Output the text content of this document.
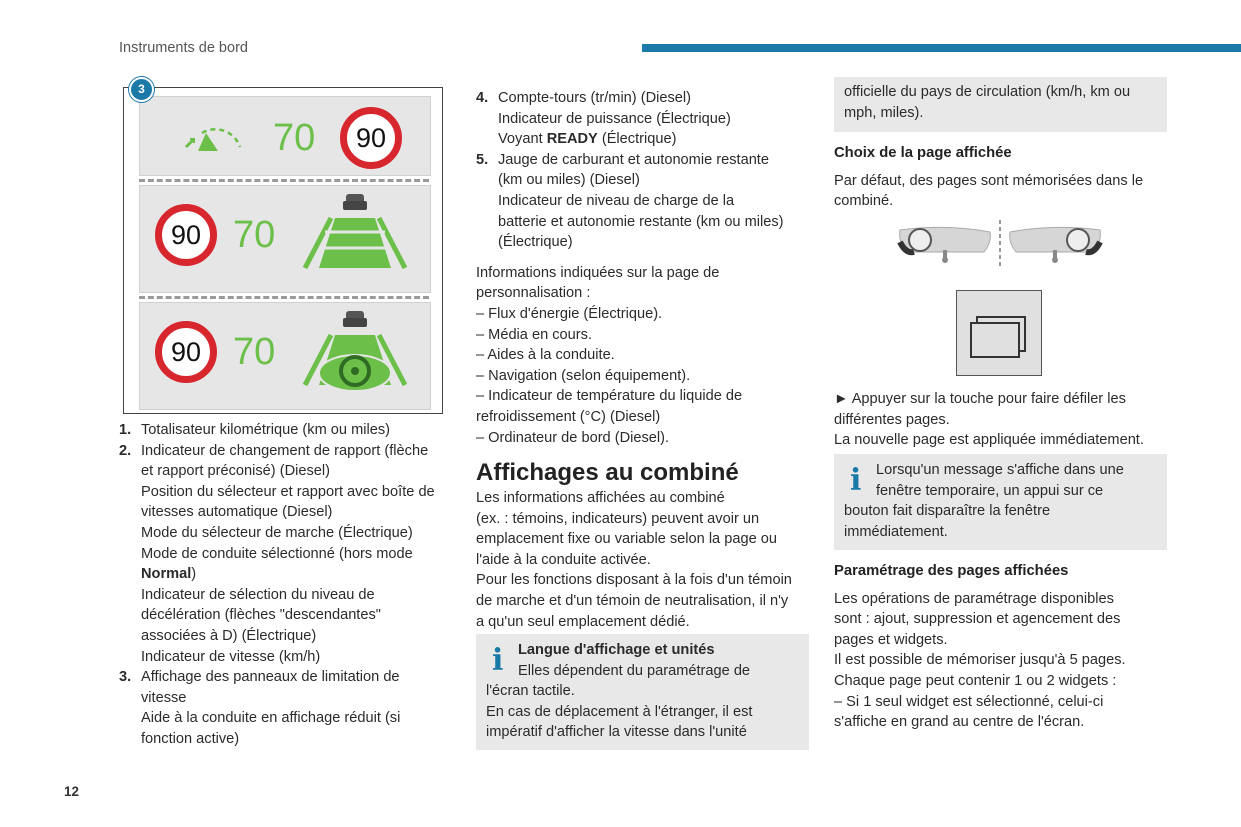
Instruments de bord
70	90
90 70
90 70
3
1. Totalisateur kilométrique (km ou miles)
2. Indicateur de changement de rapport (flèche
et rapport préconisé) (Diesel)
Position du sélecteur et rapport avec boîte de
vitesses automatique (Diesel)
Mode du sélecteur de marche (Électrique)
Mode de conduite sélectionné (hors mode
Normal)
Indicateur de sélection du niveau de
décélération (flèches "descendantes"
associées à D) (Électrique)
Indicateur de vitesse (km/h)
3. Affichage des panneaux de limitation de
vitesse
Aide à la conduite en affichage réduit (si
fonction active)
4. Compte-tours (tr/min) (Diesel)
Indicateur de puissance (Électrique)
Voyant READY (Électrique)
5. Jauge de carburant et autonomie restante
(km ou miles) (Diesel)
Indicateur de niveau de charge de la
batterie et autonomie restante (km ou miles)
(Électrique)

Informations indiquées sur la page de
personnalisation :

– Flux d'énergie (Électrique).
– Média en cours.
– Aides à la conduite.
– Navigation (selon équipement).
– Indicateur de température du liquide de
refroidissement (°C) (Diesel)
– Ordinateur de bord (Diesel).
Affichages au combiné

Les informations affichées au combiné
(ex. : témoins, indicateurs) peuvent avoir un
emplacement fixe ou variable selon la page ou
l'aide à la conduite activée.
Pour les fonctions disposant à la fois d'un témoin
de marche et d'un témoin de neutralisation, il n'y
a qu'un seul emplacement dédié.

i Langue d'affichage et unités
Elles dépendent du paramétrage de
l'écran tactile.
En cas de déplacement à l'étranger, il est
impératif d'afficher la vitesse dans l'unité
officielle du pays de circulation (km/h, km ou
mph, miles).
Choix de la page affichée

Par défaut, des pages sont mémorisées dans le
combiné.

► Appuyer sur la touche pour faire défiler les
différentes pages.
La nouvelle page est appliquée immédiatement.
i Lorsqu'un message s'affiche dans une
fenêtre temporaire, un appui sur ce
bouton fait disparaître la fenêtre
immédiatement.
Paramétrage des pages affichées

Les opérations de paramétrage disponibles
sont : ajout, suppression et agencement des
pages et widgets.
Il est possible de mémoriser jusqu'à 5 pages.
Chaque page peut contenir 1 ou 2 widgets :
– Si 1 seul widget est sélectionné, celui-ci
s'affiche en grand au centre de l'écran.

12
